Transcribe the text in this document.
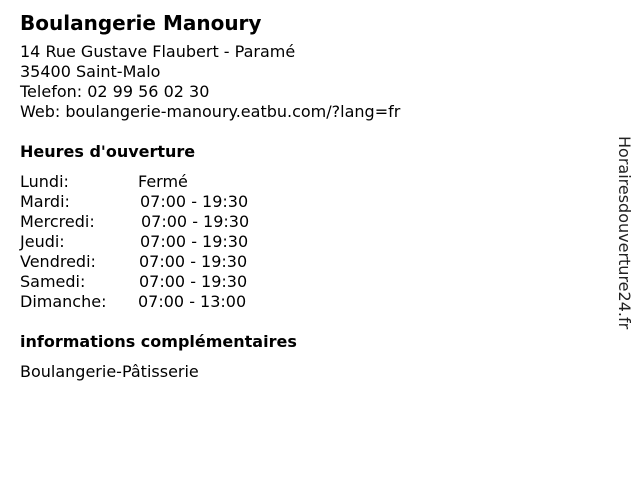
Boulangerie Manoury
14 Rue Gustave Flaubert - Paramé
35400 Saint-Malo
Telefon: 02 99 56 02 30
Web: boulangerie-manoury.eatbu.com/?lang=fr
Heures d'ouverture
Lundi:	Fermé
Mardi:	07:00 - 19:30
Mercredi:	07:00 - 19:30
Jeudi:	07:00 - 19:30
Vendredi:	07:00 - 19:30
Samedi:	07:00 - 19:30
Dimanche: 07:00 - 13:00
informations complémentaires
Boulangerie-Pâtisserie
Horairesdouverture24.fr
